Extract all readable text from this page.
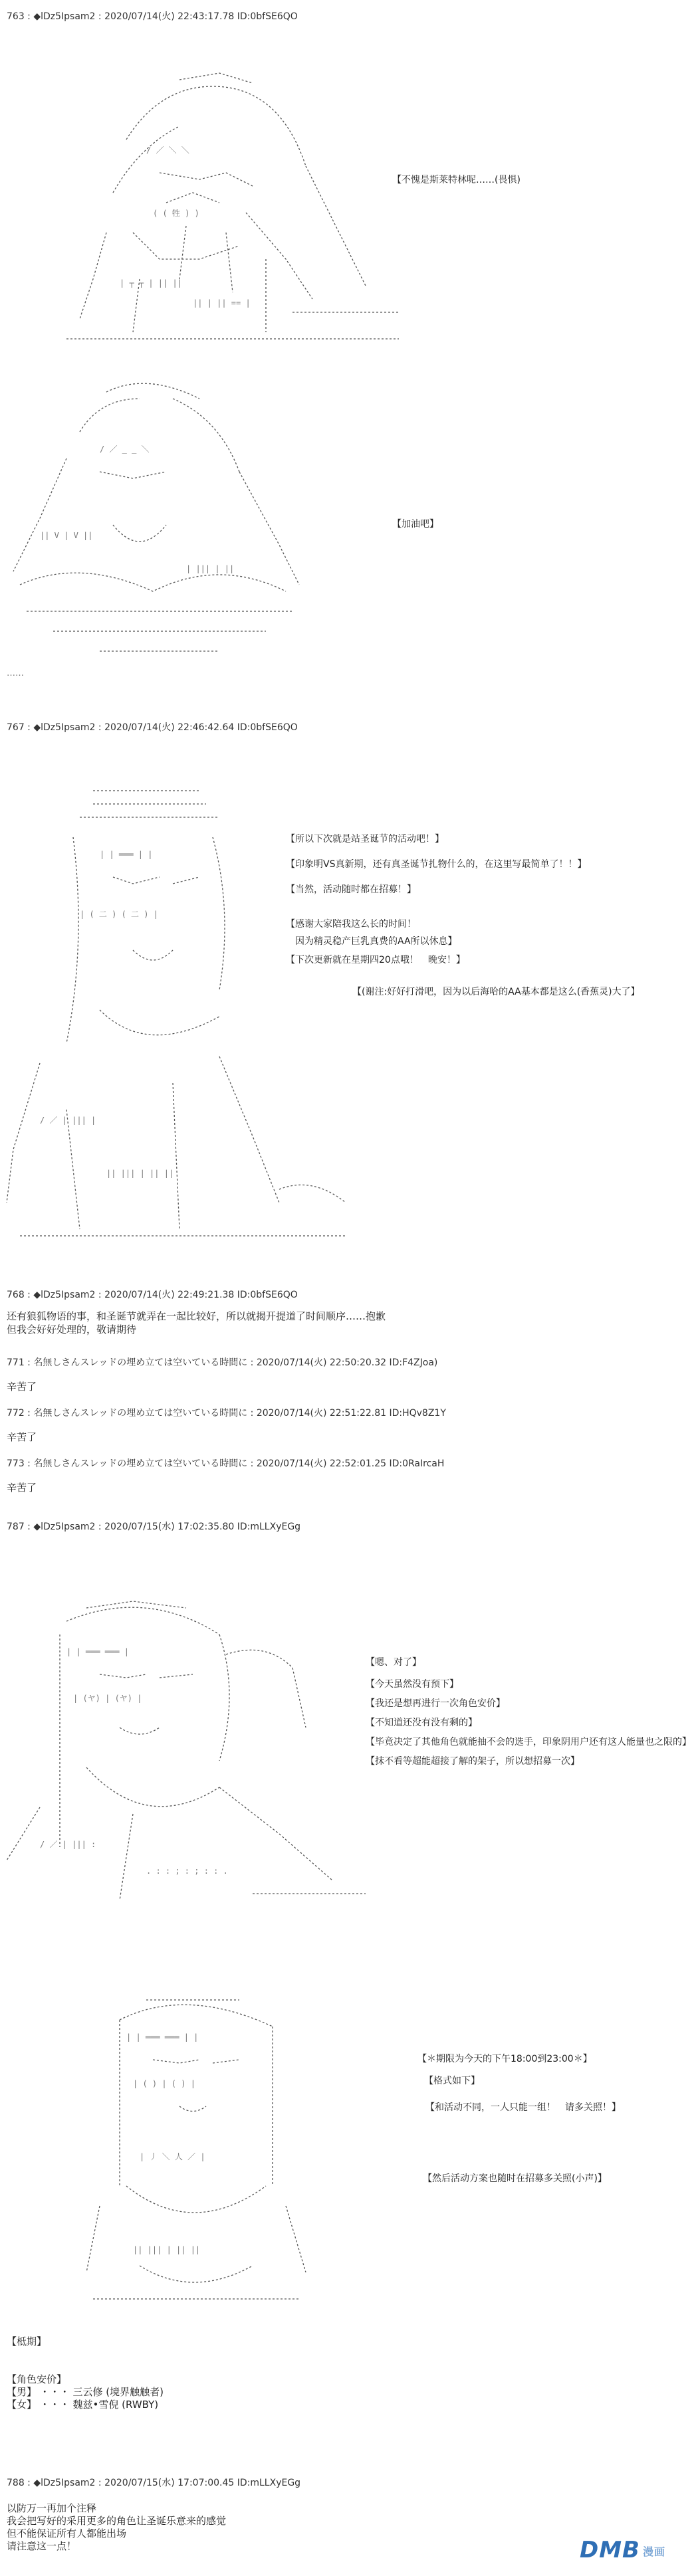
763 : ◆lDz5Ipsam2 : 2020/07/14(火) 22:43:17.78 ID:0bfSE6QO
/ ／ ＼ ＼
( ( 牲 ) )
| ┬ ┬ | || ||
|| | || == |
【不愧是斯莱特林呢……(畏惧)
/ ／ _ _ ＼
|| V | V ||
| ||| | ||
【加油吧】
……
767 : ◆lDz5Ipsam2 : 2020/07/14(火) 22:46:42.64 ID:0bfSE6QO
| | ═══ | |
| ( 二 ) ( 二 ) |
/ ／ | ||| |
|| ||| | || ||
【所以下次就是站圣诞节的活动吧！】
【印象明VS真新期，还有真圣诞节扎物什么的，在这里写最简单了！！】
【当然，活动随时都在招募！】
【感谢大家陪我这么长的时间！
　因为精灵稳产巨乳真费的AA所以休息】
【下次更新就在星期四20点哦！　晚安！】
【(谢注:好好打滑吧，因为以后海哈的AA基本都是这么(香蕉灵)大了】
768 : ◆lDz5Ipsam2 : 2020/07/14(火) 22:49:21.38 ID:0bfSE6QO
还有狼狐物语的事，和圣诞节就弄在一起比较好，所以就揭开提道了时间顺序……抱歉
但我会好好处理的，敬请期待
771 : 名無しさんスレッドの埋め立ては空いている時間に : 2020/07/14(火) 22:50:20.32 ID:F4ZJoa)
辛苦了
772 : 名無しさんスレッドの埋め立ては空いている時間に : 2020/07/14(火) 22:51:22.81 ID:HQv8Z1Y
辛苦了
773 : 名無しさんスレッドの埋め立ては空いている時間に : 2020/07/14(火) 22:52:01.25 ID:0RaIrcaH
辛苦了
787 : ◆lDz5Ipsam2 : 2020/07/15(水) 17:02:35.80 ID:mLLXyEGg
| | ═══ ═══ |
| (ヤ) | (ヤ) |
/ ／ | ||| :
. : : ; : ; : : .
【嗯、对了】
【今天虽然没有预下】
【我还是想再进行一次角色安价】
【不知道还没有没有剩的】
【毕竟决定了其他角色就能抽不会的选手，印象阴用户还有这人能量也之限的】
【抹不看等超能超接了解的架子，所以想招募一次】
| | ═══ ═══ | |
| ( ) | ( ) |
| 丿 ＼ 人 ／ |
|| ||| | || ||
【＊期限为今天的下午18:00到23:00＊】
【格式如下】
【和活动不同，一人只能一组！　请多关照！】
【然后活动方案也随时在招募多关照(小声)】
【柢期】
【角色安价】
【男】 ・・・ 三云修 (境界触触者)
【女】 ・・・ 魏兹•雪倪 (RWBY)
788 : ◆lDz5Ipsam2 : 2020/07/15(水) 17:07:00.45 ID:mLLXyEGg
以防万一再加个注释
我会把写好的采用更多的角色让圣诞乐意来的感觉
但不能保证所有人都能出场
请注意这一点！	DMB 漫画
